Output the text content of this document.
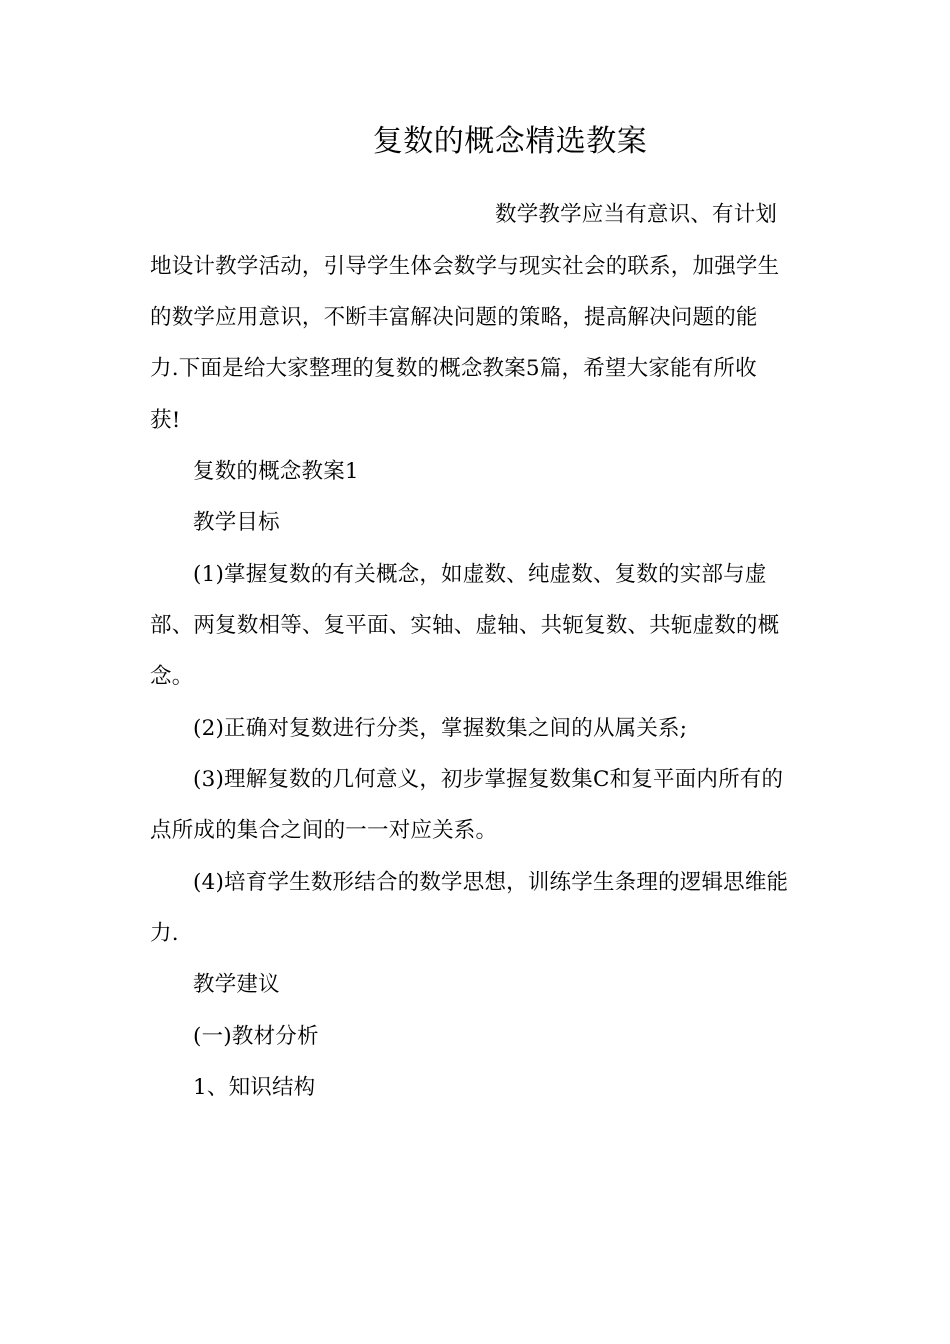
复数的概念精选教案
数学教学应当有意识、有计划
地设计教学活动，引导学生体会数学与现实社会的联系，加强学生
的数学应用意识，不断丰富解决问题的策略，提高解决问题的能
力.下面是给大家整理的复数的概念教案5篇，希望大家能有所收
获!
复数的概念教案1
教学目标
(1)掌握复数的有关概念，如虚数、纯虚数、复数的实部与虚
部、两复数相等、复平面、实轴、虚轴、共轭复数、共轭虚数的概
念。
(2)正确对复数进行分类，掌握数集之间的从属关系;
(3)理解复数的几何意义，初步掌握复数集C和复平面内所有的
点所成的集合之间的一一对应关系。
(4)培育学生数形结合的数学思想，训练学生条理的逻辑思维能
力.
教学建议
(一)教材分析
1、知识结构
